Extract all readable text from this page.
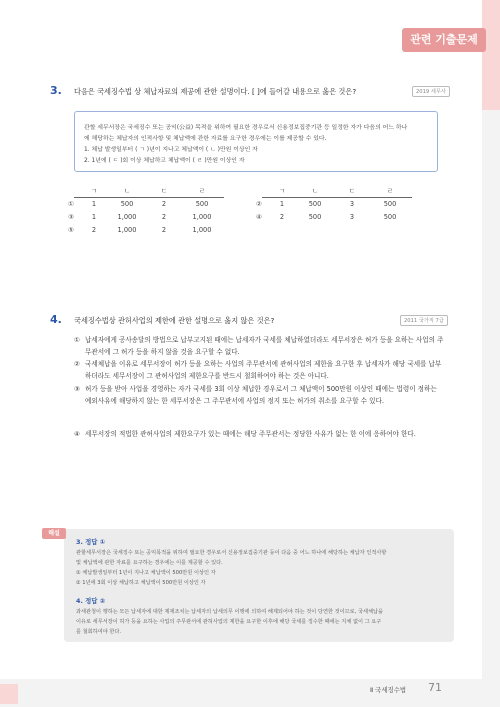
관련 기출문제
3. 다음은 국세징수법 상 체납자료의 제공에 관한 설명이다. [ ]에 들어갈 내용으로 옳은 것은?	2019 세무사
관할 세무서장은 국세징수 또는 공익(公益) 목적을 위하여 필요한 경우로서 신용정보집중기관 등 일정한 자가 다음의 어느 하나
에 해당하는 체납자의 인적사항 및 체납액에 관한 자료를 요구한 경우에는 이를 제공할 수 있다.
1. 체납 발생일부터 ( ㄱ )년이 지나고 체납액이 ( ㄴ )만원 이상인 자
2. 1년에 ( ㄷ )회 이상 체납하고 체납액이 ( ㄹ )만원 이상인 자
ㄱ	ㄴ	ㄷ	ㄹ
①	1	500	2	500
③	1	1,000	2	1,000
⑤	2	1,000	2	1,000
ㄱ	ㄴ	ㄷ	ㄹ
②	1	500	3	500
④	2	500	3	500
4. 국세징수법상 관허사업의 제한에 관한 설명으로 옳지 않은 것은?	2011 국가직 7급
① 납세자에게 공사송달의 방법으로 납부고지된 때에는 납세자가 국세를 체납하였더라도 세무서장은 허가 등을 요하는 사업의 주무관서에 그 허가 등을 하지 않을 것을 요구할 수 없다.
② 국세체납을 이유로 세무서장이 허가 등을 요하는 사업의 주무관서에 관허사업의 제한을 요구한 후 납세자가 해당 국세를 납부하더라도 세무서장이 그 관허사업의 제한요구를 반드시 철회하여야 하는 것은 아니다.
③ 허가 등을 받아 사업을 경영하는 자가 국세를 3회 이상 체납한 경우로서 그 체납액이 500만원 이상인 때에는 법령이 정하는 예외사유에 해당하지 않는 한 세무서장은 그 주무관서에 사업의 정지 또는 허가의 취소를 요구할 수 있다.
④ 세무서장의 적법한 관허사업의 제한요구가 있는 때에는 해당 주무관서는 정당한 사유가 없는 한 이에 응하여야 한다.
3. 정답 ①
관할세무서장은 국세징수 또는 공익목적을 위하여 필요한 경우로서 신용정보집중기관 등이 다음 중 어느 하나에 해당하는 체납자 인적사항
및 체납액에 관한 자료를 요구하는 경우에는 이를 제공할 수 있다.
① 체납발생일부터 1년이 지나고 체납액이 500만원 이상인 자
② 1년에 3회 이상 체납하고 체납액이 500만원 이상인 자
4. 정답 ②
과세관청이 행하는 모든 납세자에 대한 제재조치는 납세자의 납세의무 이행에 의하여 해제되어야 하는 것이 당연한 것이므로, 국세체납을
이유로 세무서장이 허가 등을 요하는 사업의 주무관서에 관허사업의 제한을 요구한 이후에 해당 국세를 징수한 때에는 지체 없이 그 요구
를 철회하여야 한다.
해설
Ⅱ 국세징수법 71
